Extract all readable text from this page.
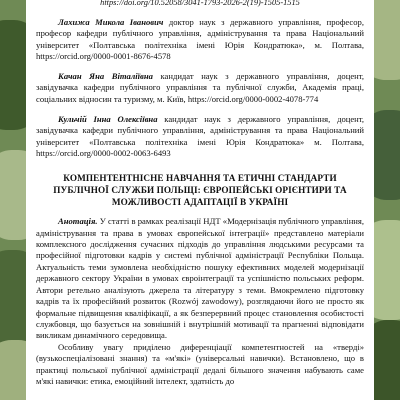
https://doi.org/10.52058/3041-1793-2026-2(19)-1505-1515

Лахижа Микола Іванович доктор наук з державного управління, професор, професор кафедри публічного управління, адміністрування та права Національний університет «Полтавська політехніка імені Юрія Кондратюка», м. Полтава, https://orcid.org/0000-0001-8676-4578

Качан Яна Віталіївна кандидат наук з державного управління, доцент, завідувачка кафедри публічного управління та публічної служби, Академія праці, соціальних відносин та туризму, м. Київ, https://orcid.org/0000-0002-4078-774

Кульчій Інна Олексіївна кандидат наук з державного управління, доцент, завідувачка кафедри публічного управління, адміністрування та права Національний університет «Полтавська політехніка імені Юрія Кондратюка» м. Полтава, https://orcid.org/0000-0002-0063-6493

КОМПЕНТЕНТНІСНЕ НАВЧАННЯ ТА ЕТИЧНІ СТАНДАРТИ ПУБЛІЧНОЇ СЛУЖБИ ПОЛЬЩІ: ЄВРОПЕЙСЬКІ ОРІЄНТИРИ ТА МОЖЛИВОСТІ АДАПТАЦІЇ В УКРАЇНІ

Анотація. У статті в рамках реалізації НДТ «Модернізація публічного управління, адміністрування та права в умовах європейської інтеграції» представлено матеріали комплексного дослідження сучасних підходів до управління людськими ресурсами та професійної підготовки кадрів у системі публічної адміністрації Республіки Польща. Актуальність теми зумовлена необхідністю пошуку ефективних моделей модернізації державного сектору України в умовах євроінтеграції та успішністю польських реформ. Автори ретельно аналізують джерела та літературу з теми. Вмокремлено підготовку кадрів та їх професійний розвиток (Rozwój zawodowy), розглядаючи його не просто як формальне підвищення кваліфікації, а як безперервний процес становлення особистості службовця, що базується на зовнішній і внутрішній мотивації та прагненні відповідати викликам динамічного середовища.

Особливу увагу приділено диференціації компетентностей на «тверді» (вузькоспеціалізовані знання) та «м'які» (універсальні навички). Встановлено, що в практиці польської публічної адміністрації дедалі більшого значення набувають саме м'які навички: етика, емоційний інтелект, здатність до
